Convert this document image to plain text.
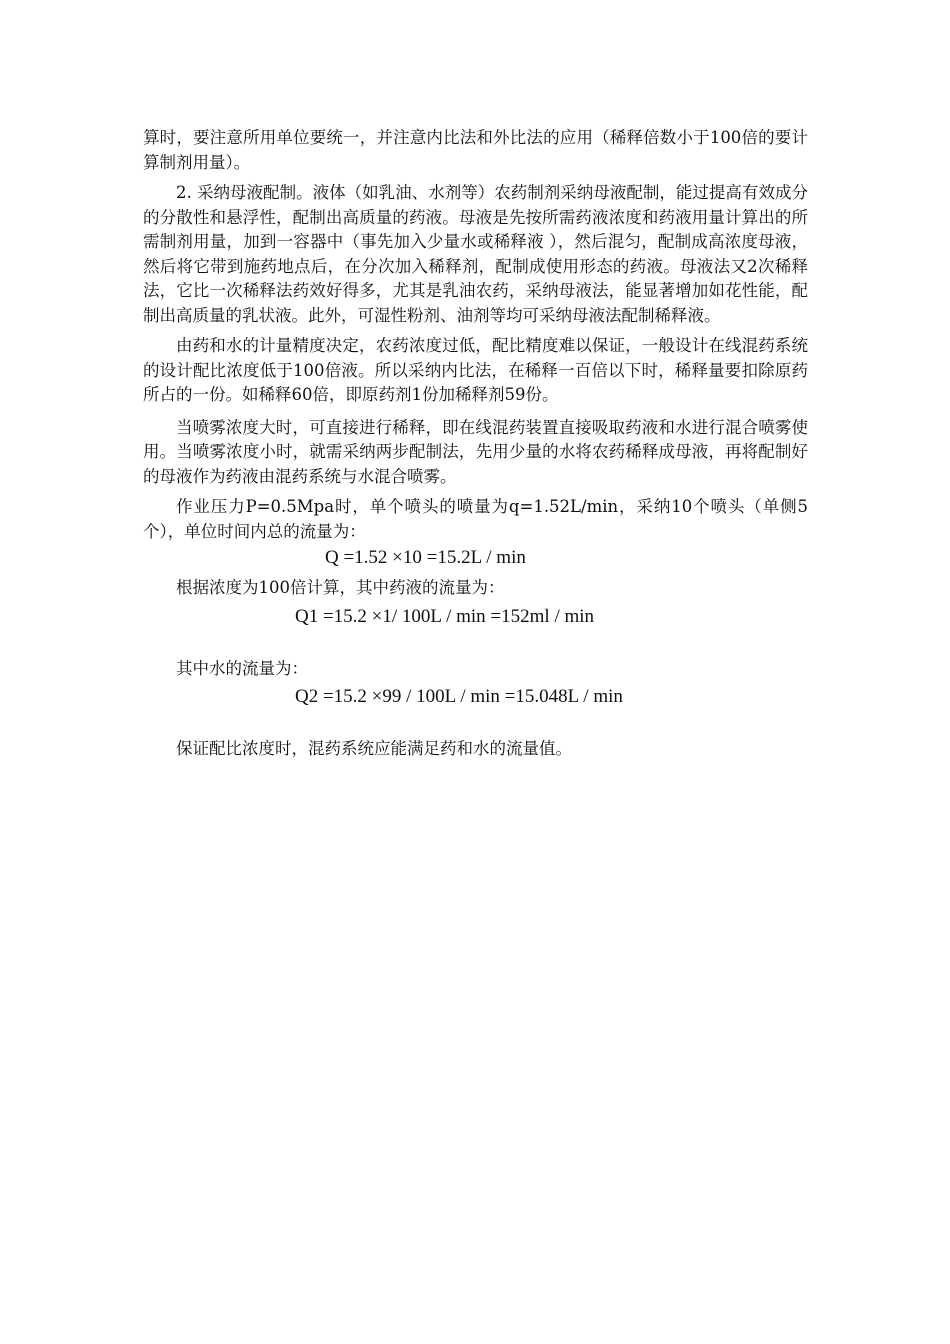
算时，要注意所用单位要统一，并注意内比法和外比法的应用（稀释倍数小于100倍的要计算制剂用量）。

2. 采纳母液配制。液体（如乳油、水剂等）农药制剂采纳母液配制，能过提高有效成分的分散性和悬浮性，配制出高质量的药液。母液是先按所需药液浓度和药液用量计算出的所需制剂用量，加到一容器中（事先加入少量水或稀释液 ），然后混匀，配制成高浓度母液，然后将它带到施药地点后，在分次加入稀释剂，配制成使用形态的药液。母液法又2次稀释法，它比一次稀释法药效好得多，尤其是乳油农药，采纳母液法，能显著增加如花性能，配制出高质量的乳状液。此外，可湿性粉剂、油剂等均可采纳母液法配制稀释液。

由药和水的计量精度决定，农药浓度过低，配比精度难以保证，一般设计在线混药系统的设计配比浓度低于100倍液。所以采纳内比法，在稀释一百倍以下时，稀释量要扣除原药所占的一份。如稀释60倍，即原药剂1份加稀释剂59份。

当喷雾浓度大时，可直接进行稀释，即在线混药装置直接吸取药液和水进行混合喷雾使用。当喷雾浓度小时，就需采纳两步配制法，先用少量的水将农药稀释成母液，再将配制好的母液作为药液由混药系统与水混合喷雾。

作业压力P=0.5Mpa时，单个喷头的喷量为q=1.52L/min，采纳10个喷头（单侧5个），单位时间内总的流量为：

Q =1.52 ×10 =15.2L / min

根据浓度为100倍计算，其中药液的流量为：

Q1 =15.2 ×1/ 100L / min =152ml / min

其中水的流量为：

Q2 =15.2 ×99 / 100L / min =15.048L / min

保证配比浓度时，混药系统应能满足药和水的流量值。
